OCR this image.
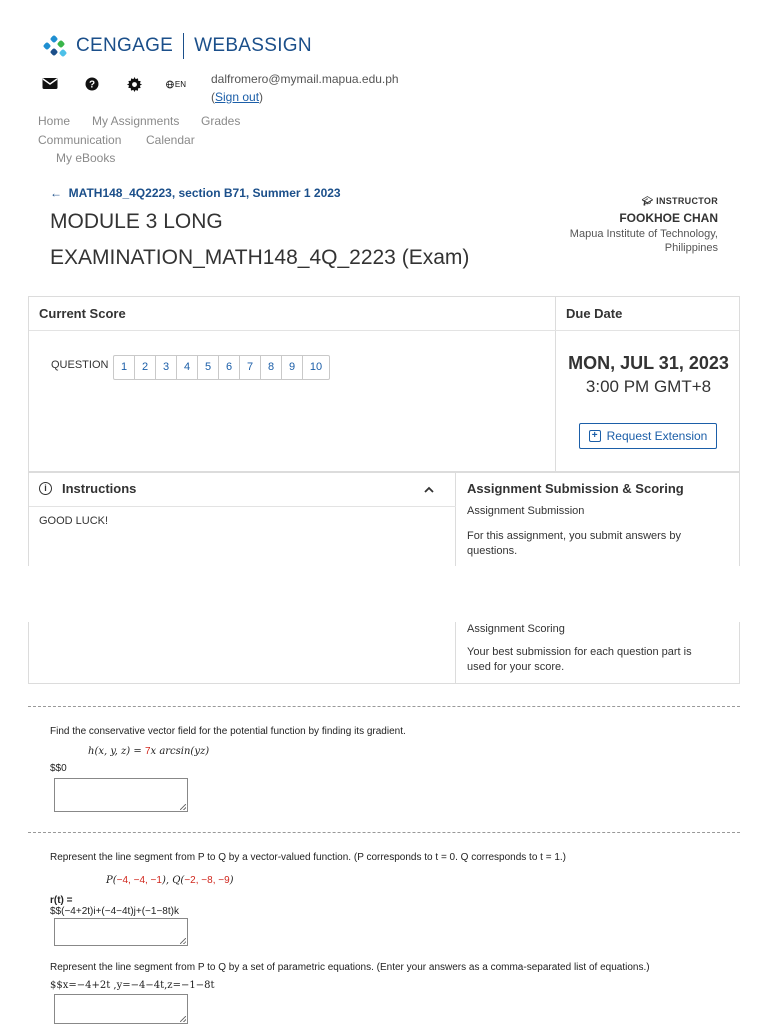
CENGAGE WEBASSIGN
?	EN dalfromero@mymail.mapua.edu.ph
(Sign out)
Home My Assignments Grades
Communication Calendar
My eBooks
← MATH148_4Q2223, section B71, Summer 1 2023
MODULE 3 LONG
EXAMINATION_MATH148_4Q_2223 (Exam)
🎓︎ INSTRUCTOR
FOOKHOE CHAN
Mapua Institute of Technology,
Philippines
Current Score	Due Date
QUESTION	1	2	3	4	5	6	7	8	9	10	MON, JUL 31, 2023
3:00 PM GMT+8
+ Request Extension
i	Instructions
GOOD LUCK!
Assignment Submission & Scoring
Assignment Submission
For this assignment, you submit answers by questions.
Assignment Scoring
Your best submission for each question part is used for your score.
Find the conservative vector field for the potential function by finding its gradient.
h(x, y, z) = 7x arcsin(yz)
$$0
Represent the line segment from P to Q by a vector-valued function. (P corresponds to t = 0. Q corresponds to t = 1.)
P(−4, −4, −1), Q(−2, −8, −9)
r(t) =
$$(−4+2t)i+(−4−4t)j+(−1−8t)k
Represent the line segment from P to Q by a set of parametric equations. (Enter your answers as a comma-separated list of equations.)
$$x=−4+2t ,y=−4−4t,z=−1−8t
